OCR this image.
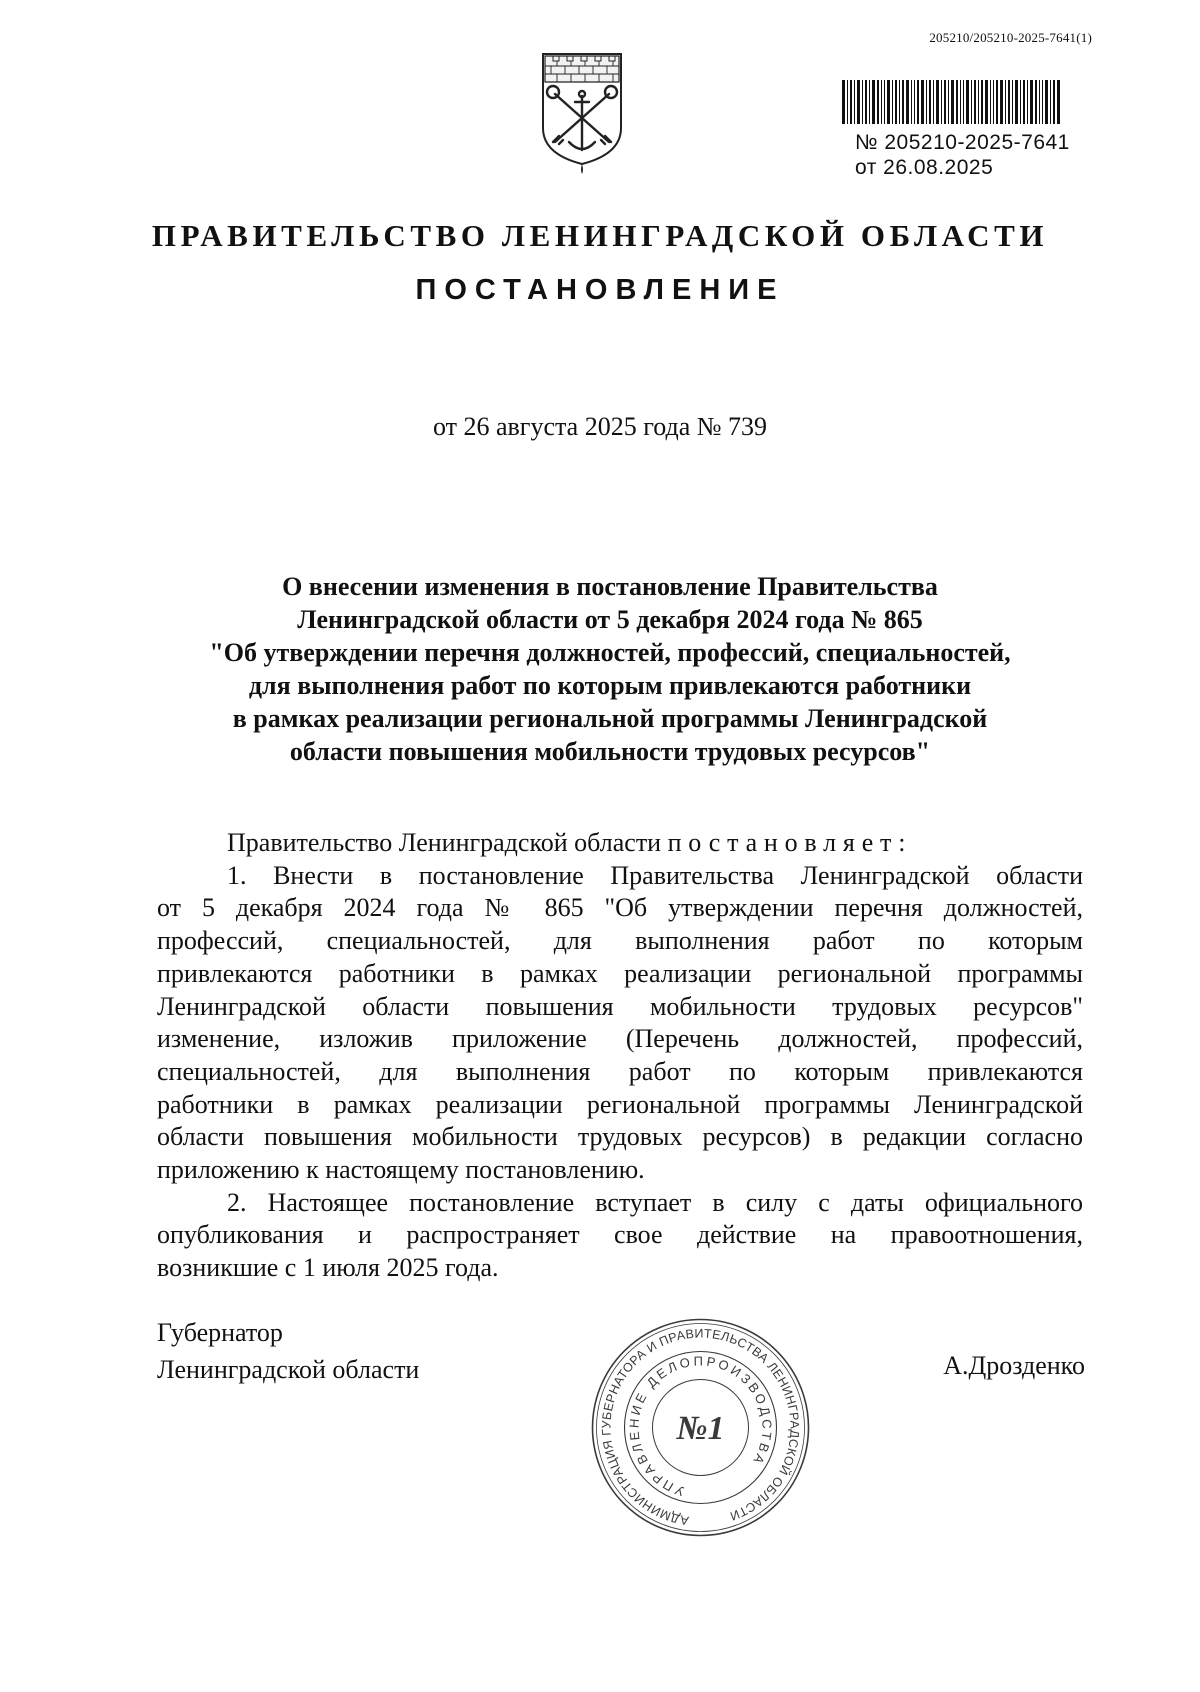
205210/205210-2025-7641(1)
№ 205210-2025-7641
от 26.08.2025
ПРАВИТЕЛЬСТВО ЛЕНИНГРАДСКОЙ ОБЛАСТИ
ПОСТАНОВЛЕНИЕ
от 26 августа 2025 года № 739
О внесении изменения в постановление Правительства
Ленинградской области от 5 декабря 2024 года № 865
"Об утверждении перечня должностей, профессий, специальностей,
для выполнения работ по которым привлекаются работники
в рамках реализации региональной программы Ленинградской
области повышения мобильности трудовых ресурсов"
Правительство Ленинградской области постановляет:
1. Внести в постановление Правительства Ленинградской области
от 5 декабря 2024 года № 865 "Об утверждении перечня должностей,
профессий, специальностей, для выполнения работ по которым
привлекаются работники в рамках реализации региональной программы
Ленинградской области повышения мобильности трудовых ресурсов"
изменение, изложив приложение (Перечень должностей, профессий,
специальностей, для выполнения работ по которым привлекаются
работники в рамках реализации региональной программы Ленинградской
области повышения мобильности трудовых ресурсов) в редакции согласно
приложению к настоящему постановлению.
2. Настоящее постановление вступает в силу с даты официального
опубликования и распространяет свое действие на правоотношения,
возникшие с 1 июля 2025 года.
Губернатор
Ленинградской области	А.Дрозденко
АДМИНИСТРАЦИЯ ГУБЕРНАТОРА И ПРАВИТЕЛЬСТВА ЛЕНИНГРАДСКОЙ ОБЛАСТИ
УПРАВЛЕНИЕ ДЕЛОПРОИЗВОДСТВА
№1
